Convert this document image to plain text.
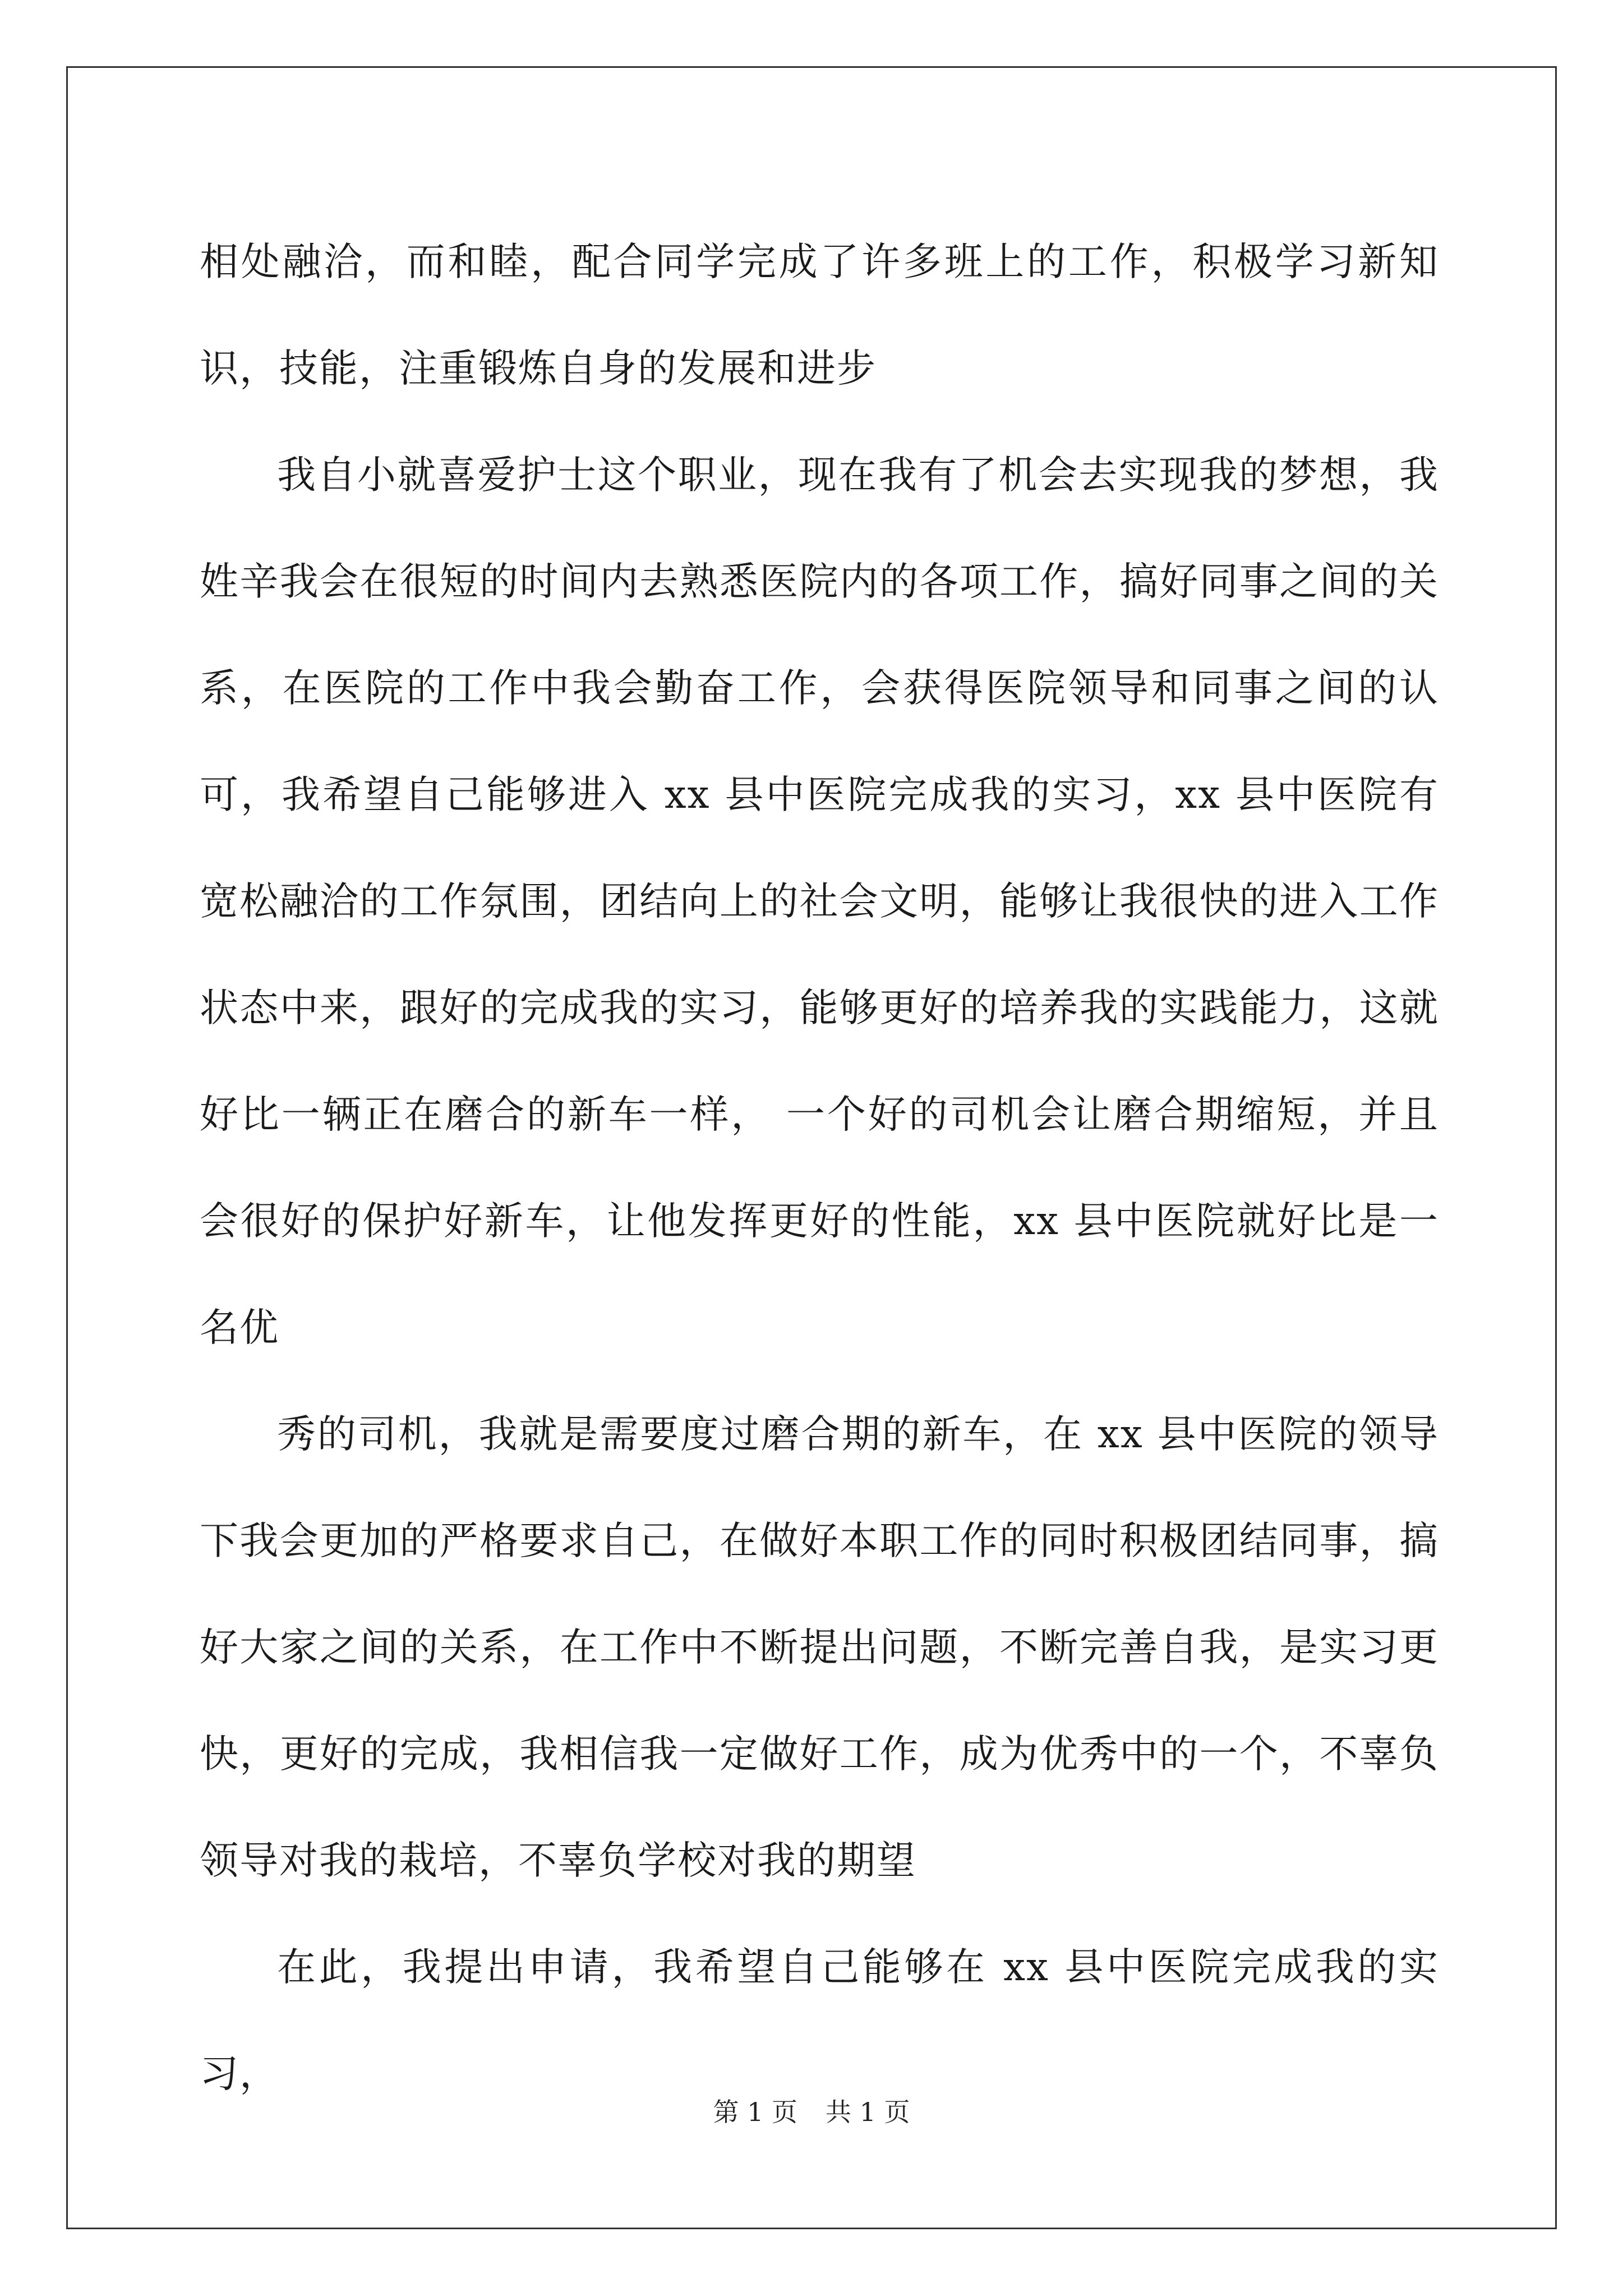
相处融洽，而和睦，配合同学完成了许多班上的工作，积极学习新知识，技能，注重锻炼自身的发展和进步

我自小就喜爱护士这个职业，现在我有了机会去实现我的梦想，我姓辛我会在很短的时间内去熟悉医院内的各项工作，搞好同事之间的关系，在医院的工作中我会勤奋工作，会获得医院领导和同事之间的认可，我希望自己能够进入 xx 县中医院完成我的实习，xx 县中医院有宽松融洽的工作氛围，团结向上的社会文明，能够让我很快的进入工作状态中来，跟好的完成我的实习，能够更好的培养我的实践能力，这就好比一辆正在磨合的新车一样， 一个好的司机会让磨合期缩短，并且会很好的保护好新车，让他发挥更好的性能，xx 县中医院就好比是一名优

秀的司机，我就是需要度过磨合期的新车，在 xx 县中医院的领导下我会更加的严格要求自己，在做好本职工作的同时积极团结同事，搞好大家之间的关系，在工作中不断提出问题，不断完善自我，是实习更快，更好的完成，我相信我一定做好工作，成为优秀中的一个，不辜负领导对我的栽培，不辜负学校对我的期望

在此，我提出申请，我希望自己能够在 xx 县中医院完成我的实习，

第 1 页 共 1 页
